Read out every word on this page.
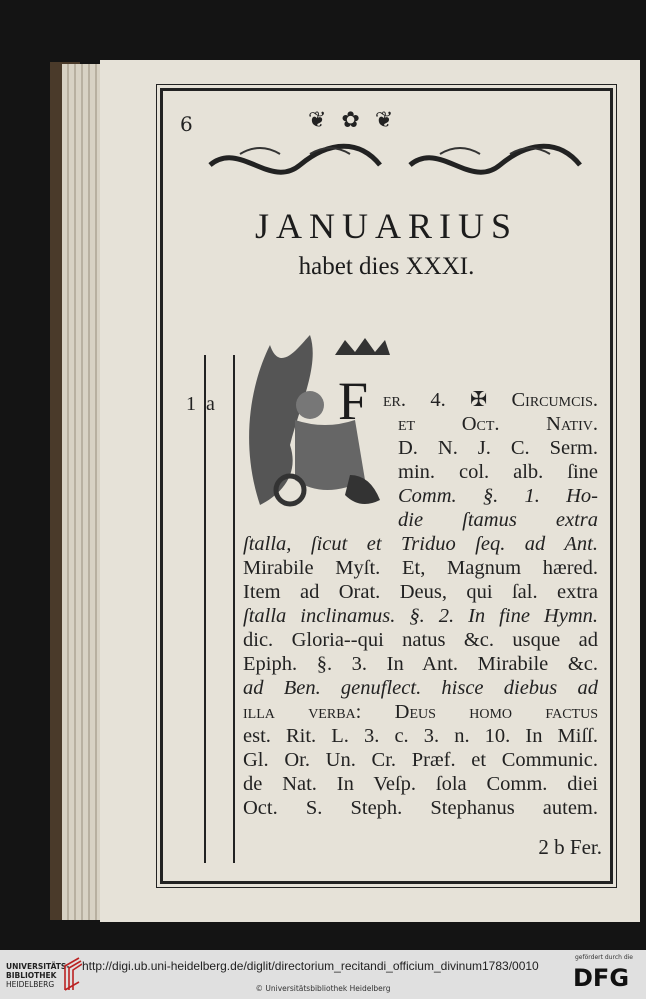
6	❦ ✿ ❦
JANUARIUS
habet dies XXXI.
1 a F er. 4. ✠ Circumcis.
et Oct. Nativ.
D. N. J. C. Serm.
min. col. alb. ſine
Comm. §. 1. Ho-
die ſtamus extra
ſtalla, ſicut et Triduo ſeq. ad Ant.
Mirabile Myſt. Et, Magnum hæred.
Item ad Orat. Deus, qui ſal. extra
ſtalla inclinamus. §. 2. In fine Hymn.
dic. Gloria--qui natus &c. usque ad
Epiph. §. 3. In Ant. Mirabile &c.
ad Ben. genuflect. hisce diebus ad
illa verba: Deus homo factus
est. Rit. L. 3. c. 3. n. 10. In Miſſ.
Gl. Or. Un. Cr. Præf. et Communic.
de Nat. In Veſp. ſola Comm. diei
Oct. S. Steph. Stephanus autem.
2 b Fer.
UNIVERSITÄTS-
BIBLIOTHEK
HEIDELBERG
http://digi.ub.uni-heidelberg.de/diglit/directorium_recitandi_officium_divinum1783/0010
© Universitätsbibliothek Heidelberg
gefördert durch die
DFG
